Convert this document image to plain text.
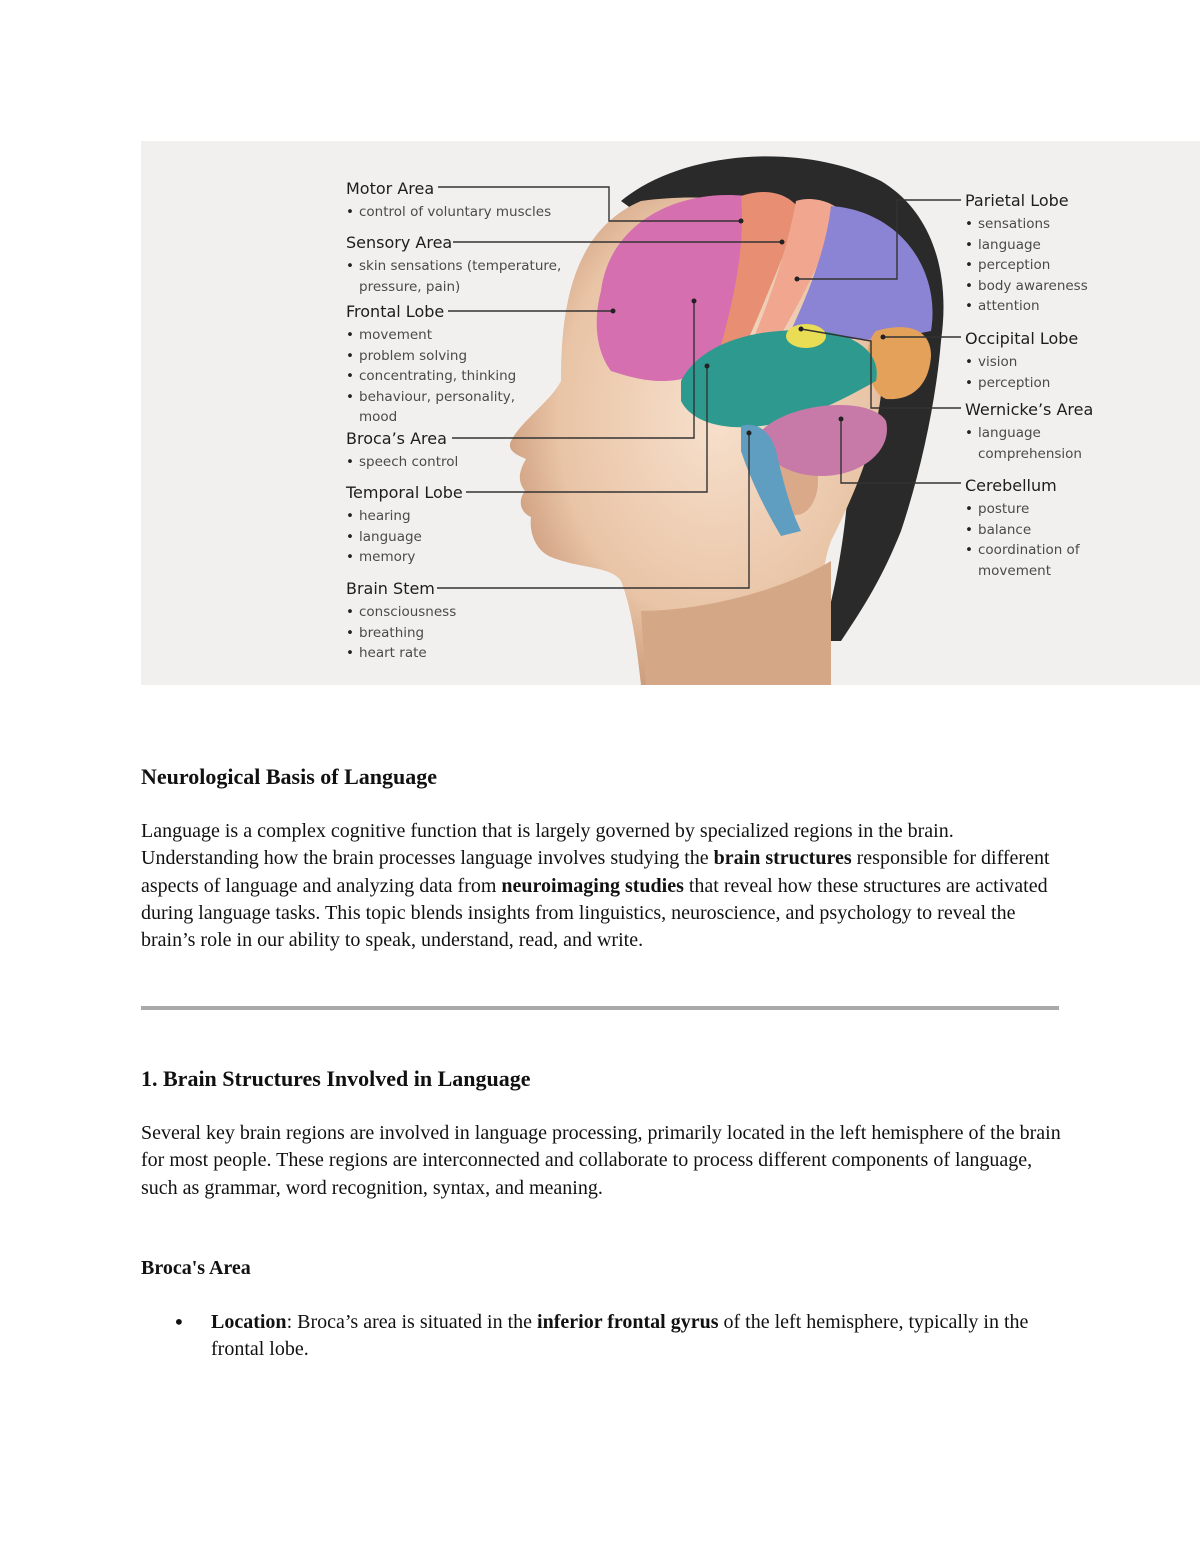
Motor Area
• control of voluntary muscles
Sensory Area
• skin sensations (temperature,
pressure, pain)
Frontal Lobe
• movement
• problem solving
• concentrating, thinking
• behaviour, personality,
mood
Broca’s Area
• speech control
Temporal Lobe
• hearing
• language
• memory
Brain Stem
• consciousness
• breathing
• heart rate
Parietal Lobe
• sensations
• language
• perception
• body awareness
• attention
Occipital Lobe
• vision
• perception
Wernicke’s Area
• language
comprehension
Cerebellum
• posture
• balance
• coordination of
movement
Neurological Basis of Language

Language is a complex cognitive function that is largely governed by specialized regions in the brain. Understanding how the brain processes language involves studying the brain structures responsible for different aspects of language and analyzing data from neuroimaging studies that reveal how these structures are activated during language tasks. This topic blends insights from linguistics, neuroscience, and psychology to reveal the brain’s role in our ability to speak, understand, read, and write.

1. Brain Structures Involved in Language

Several key brain regions are involved in language processing, primarily located in the left hemisphere of the brain for most people. These regions are interconnected and collaborate to process different components of language, such as grammar, word recognition, syntax, and meaning.

Broca's Area
• Location: Broca’s area is situated in the inferior frontal gyrus of the left hemisphere, typically in the frontal lobe.
